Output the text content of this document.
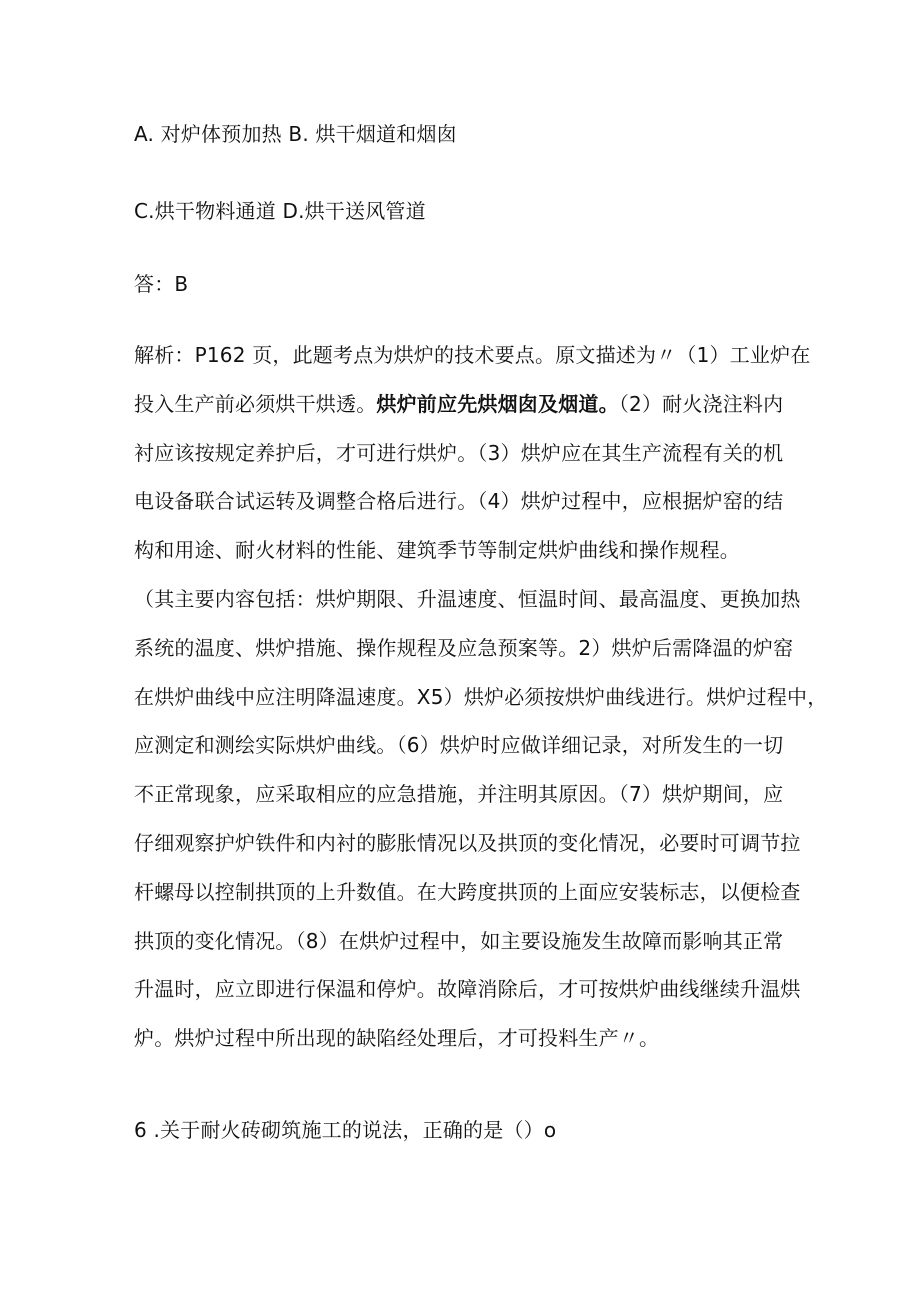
A. 对炉体预加热 B. 烘干烟道和烟囱
C.烘干物料通道 D.烘干送风管道
答：B
解析：P162 页，此题考点为烘炉的技术要点。原文描述为〃（1）工业炉在
投入生产前必须烘干烘透。烘炉前应先烘烟囱及烟道。（2）耐火浇注料内
衬应该按规定养护后，才可进行烘炉。（3）烘炉应在其生产流程有关的机
电设备联合试运转及调整合格后进行。（4）烘炉过程中，应根据炉窑的结
构和用途、耐火材料的性能、建筑季节等制定烘炉曲线和操作规程。
（其主要内容包括：烘炉期限、升温速度、恒温时间、最高温度、更换加热
系统的温度、烘炉措施、操作规程及应急预案等。2）烘炉后需降温的炉窑
在烘炉曲线中应注明降温速度。X5）烘炉必须按烘炉曲线进行。烘炉过程中，
应测定和测绘实际烘炉曲线。（6）烘炉时应做详细记录，对所发生的一切
不正常现象，应采取相应的应急措施，并注明其原因。（7）烘炉期间，应
仔细观察护炉铁件和内衬的膨胀情况以及拱顶的变化情况，必要时可调节拉
杆螺母以控制拱顶的上升数值。在大跨度拱顶的上面应安装标志，以便检查
拱顶的变化情况。（8）在烘炉过程中，如主要设施发生故障而影响其正常
升温时，应立即进行保温和停炉。故障消除后，才可按烘炉曲线继续升温烘
炉。烘炉过程中所出现的缺陷经处理后，才可投料生产〃。
6 .关于耐火砖砌筑施工的说法，正确的是（）o
